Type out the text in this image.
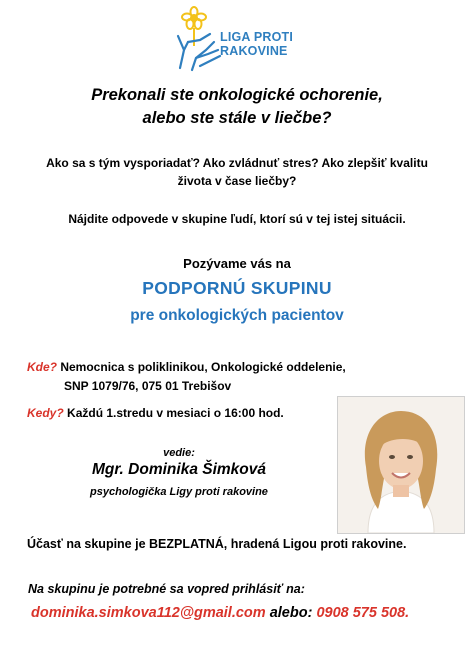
LIGA PROTI
RAKOVINE
Prekonali ste onkologické ochorenie,
alebo ste stále v liečbe?
Ako sa s tým vysporiadať? Ako zvládnuť stres? Ako zlepšiť kvalitu
života v čase liečby?
Nájdite odpovede v skupine ľudí, ktorí sú v tej istej situácii.
Pozývame vás na
PODPORNÚ SKUPINU
pre onkologických pacientov
Kde? Nemocnica s poliklinikou, Onkologické oddelenie,
SNP 1079/76, 075 01 Trebišov
Kedy? Každú 1.stredu v mesiaci o 16:00 hod.
vedie:
Mgr. Dominika Šimková
psychologička Ligy proti rakovine
Účasť na skupine je BEZPLATNÁ, hradená Ligou proti rakovine.
Na skupinu je potrebné sa vopred prihlásiť na:
dominika.simkova112@gmail.com alebo: 0908 575 508.
